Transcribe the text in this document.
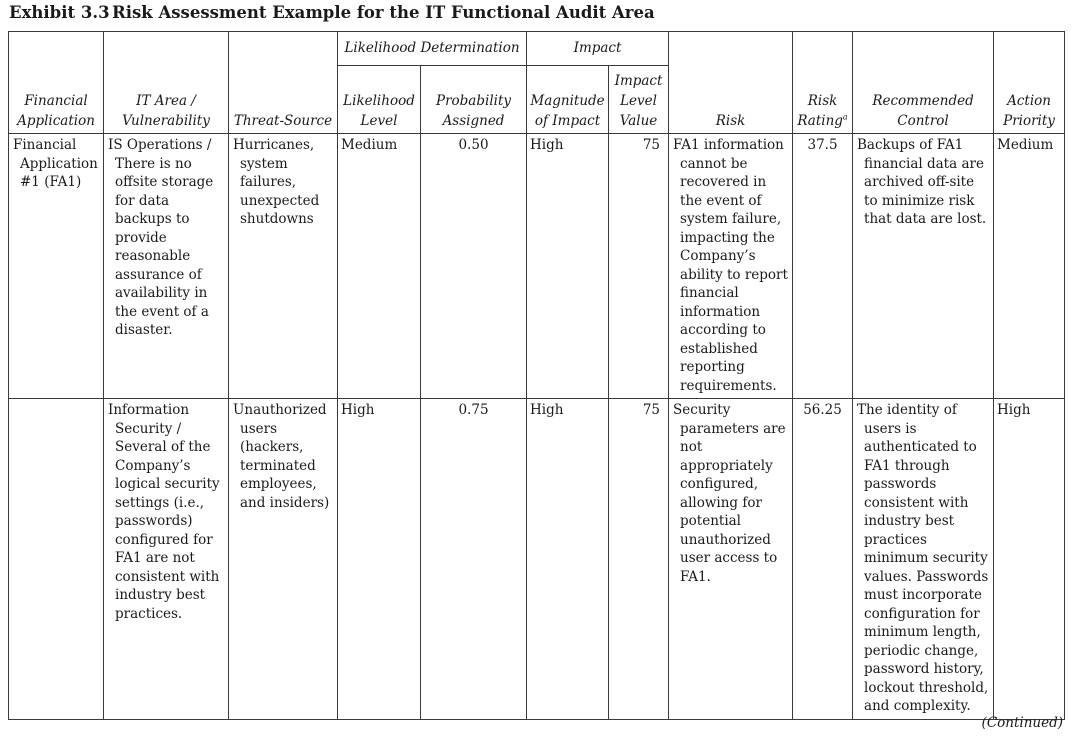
Exhibit 3.3 Risk Assessment Example for the IT Functional Audit Area
Financial Application	IT Area / Vulnerability	Threat-Source	Likelihood Determination		Impact		Risk	Risk Rating$^a$	Recommended Control	Action Priority
			Likelihood Level	Probability Assigned	Magnitude of Impact	Impact Level Value				
Financial Application #1 (FA1)	IS Operations / There is no offsite storage for data backups to provide reasonable assurance of availability in the event of a disaster.	Hurricanes, system failures, unexpected shutdowns	Medium	0.50	High	75	FA1 information cannot be recovered in the event of system failure, impacting the Company’s ability to report financial information according to established reporting requirements.	37.5	Backups of FA1 financial data are archived off-site to minimize risk that data are lost.	Medium
	Information Security / Several of the Company’s logical security settings (i.e., passwords) configured for FA1 are not consistent with industry best practices.	Unauthorized users (hackers, terminated employees, and insiders)	High	0.75	High	75	Security parameters are not appropriately configured, allowing for potential unauthorized user access to FA1.	56.25	The identity of users is authenticated to FA1 through passwords consistent with industry best practices minimum security values. Passwords must incorporate configuration for minimum length, periodic change, password history, lockout threshold, and complexity.	High
(Continued)
